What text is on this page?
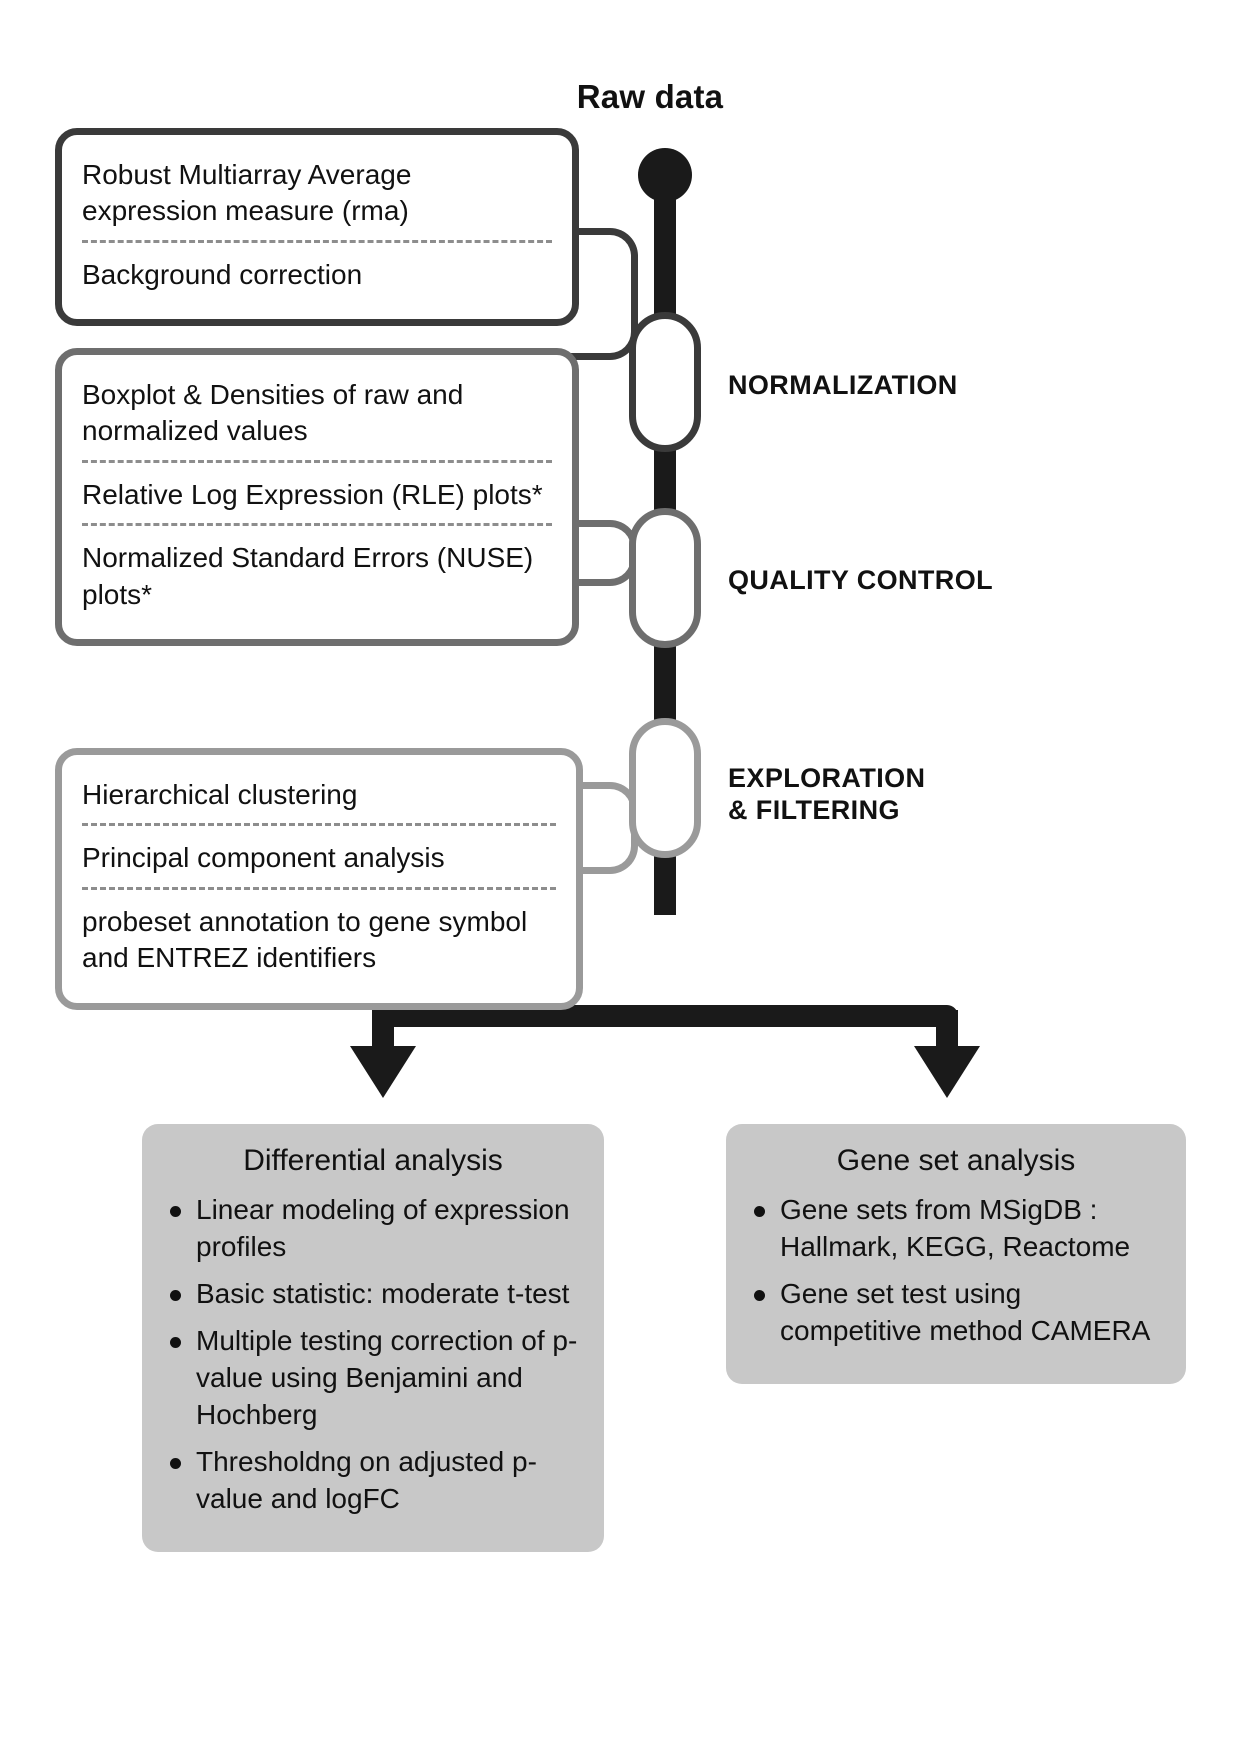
Raw data
NORMALIZATION
QUALITY CONTROL
EXPLORATION
& FILTERING
Robust Multiarray Average expression measure (rma)
Background correction
Boxplot & Densities of raw and normalized values
Relative Log Expression (RLE) plots*
Normalized Standard Errors (NUSE) plots*
Hierarchical clustering
Principal component analysis
probeset annotation to gene symbol and ENTREZ identifiers
Differential analysis
Linear modeling of expression profiles
Basic statistic: moderate t-test
Multiple testing correction of p-value using Benjamini and Hochberg
Thresholdng on adjusted p-value and logFC
Gene set analysis
Gene sets from MSigDB : Hallmark, KEGG, Reactome
Gene set test using competitive method CAMERA
